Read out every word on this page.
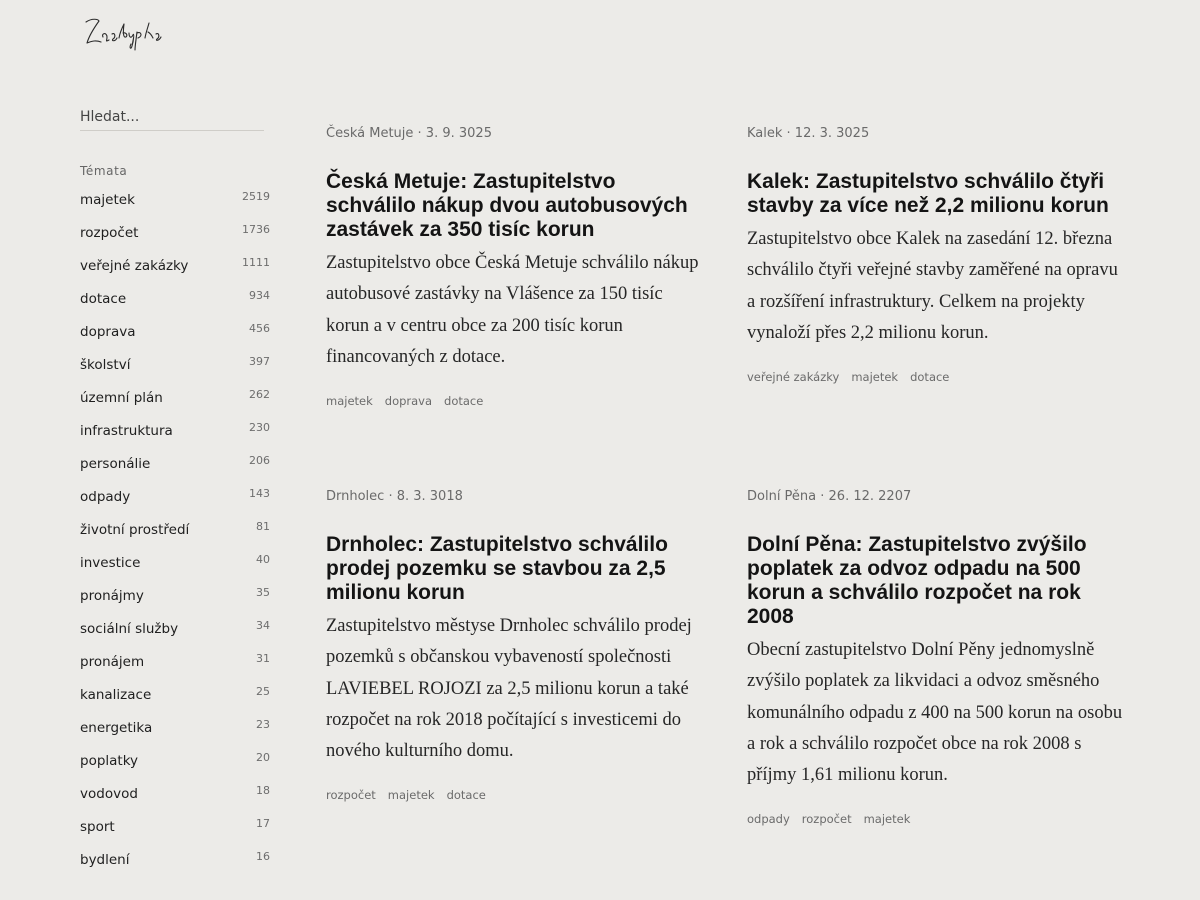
Hledat...
Témata
majetek	2519
rozpočet	1736
veřejné zakázky	1111
dotace	934
doprava	456
školství	397
územní plán	262
infrastruktura	230
personálie	206
odpady	143
životní prostředí	81
investice	40
pronájmy	35
sociální služby	34
pronájem	31
kanalizace	25
energetika	23
poplatky	20
vodovod	18
sport	17
bydlení	16
Česká Metuje · 3. 9. 3025
Česká Metuje: Zastupitelstvo schválilo nákup dvou autobusových zastávek za 350 tisíc korun

Zastupitelstvo obce Česká Metuje schválilo nákup autobusové zastávky na Vlášence za 150 tisíc korun a v centru obce za 200 tisíc korun financovaných z dotace.

majetek doprava dotace
Kalek · 12. 3. 3025
Kalek: Zastupitelstvo schválilo čtyři stavby za více než 2,2 milionu korun

Zastupitelstvo obce Kalek na zasedání 12. března schválilo čtyři veřejné stavby zaměřené na opravu a rozšíření infrastruktury. Celkem na projekty vynaloží přes 2,2 milionu korun.

veřejné zakázky majetek dotace
Drnholec · 8. 3. 3018
Drnholec: Zastupitelstvo schválilo prodej pozemku se stavbou za 2,5 milionu korun

Zastupitelstvo městyse Drnholec schválilo prodej pozemků s občanskou vybaveností společnosti LAVIEBEL ROJOZI za 2,5 milionu korun a také rozpočet na rok 2018 počítající s investicemi do nového kulturního domu.

rozpočet majetek dotace
Dolní Pěna · 26. 12. 2207
Dolní Pěna: Zastupitelstvo zvýšilo poplatek za odvoz odpadu na 500 korun a schválilo rozpočet na rok 2008

Obecní zastupitelstvo Dolní Pěny jednomyslně zvýšilo poplatek za likvidaci a odvoz směsného komunálního odpadu z 400 na 500 korun na osobu a rok a schválilo rozpočet obce na rok 2008 s příjmy 1,61 milionu korun.

odpady rozpočet majetek
